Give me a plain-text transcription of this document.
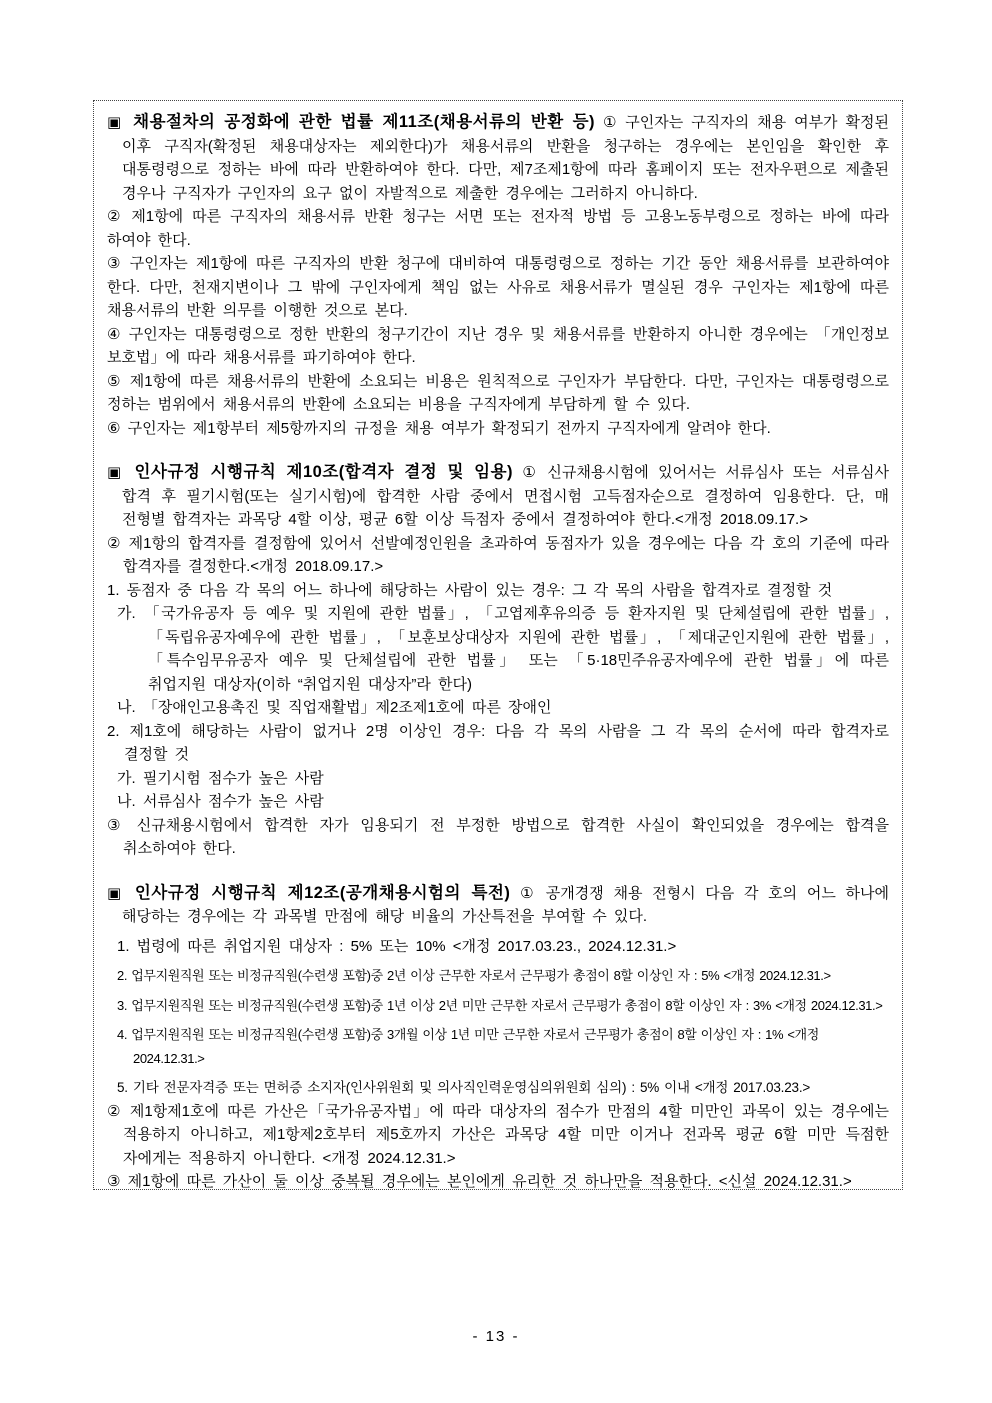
▣ 채용절차의 공정화에 관한 법률 제11조(채용서류의 반환 등) ① 구인자는 구직자의 채용 여부가 확정된 이후 구직자(확정된 채용대상자는 제외한다)가 채용서류의 반환을 청구하는 경우에는 본인임을 확인한 후 대통령령으로 정하는 바에 따라 반환하여야 한다. 다만, 제7조제1항에 따라 홈페이지 또는 전자우편으로 제출된 경우나 구직자가 구인자의 요구 없이 자발적으로 제출한 경우에는 그러하지 아니하다.

② 제1항에 따른 구직자의 채용서류 반환 청구는 서면 또는 전자적 방법 등 고용노동부령으로 정하는 바에 따라 하여야 한다.

③ 구인자는 제1항에 따른 구직자의 반환 청구에 대비하여 대통령령으로 정하는 기간 동안 채용서류를 보관하여야 한다. 다만, 천재지변이나 그 밖에 구인자에게 책임 없는 사유로 채용서류가 멸실된 경우 구인자는 제1항에 따른 채용서류의 반환 의무를 이행한 것으로 본다.

④ 구인자는 대통령령으로 정한 반환의 청구기간이 지난 경우 및 채용서류를 반환하지 아니한 경우에는 「개인정보 보호법」에 따라 채용서류를 파기하여야 한다.

⑤ 제1항에 따른 채용서류의 반환에 소요되는 비용은 원칙적으로 구인자가 부담한다. 다만, 구인자는 대통령령으로 정하는 범위에서 채용서류의 반환에 소요되는 비용을 구직자에게 부담하게 할 수 있다.

⑥ 구인자는 제1항부터 제5항까지의 규정을 채용 여부가 확정되기 전까지 구직자에게 알려야 한다.

▣ 인사규정 시행규칙 제10조(합격자 결정 및 임용) ① 신규채용시험에 있어서는 서류심사 또는 서류심사 합격 후 필기시험(또는 실기시험)에 합격한 사람 중에서 면접시험 고득점자순으로 결정하여 임용한다. 단, 매 전형별 합격자는 과목당 4할 이상, 평균 6할 이상 득점자 중에서 결정하여야 한다.<개정 2018.09.17.>

② 제1항의 합격자를 결정함에 있어서 선발예정인원을 초과하여 동점자가 있을 경우에는 다음 각 호의 기준에 따라 합격자를 결정한다.<개정 2018.09.17.>

1. 동점자 중 다음 각 목의 어느 하나에 해당하는 사람이 있는 경우: 그 각 목의 사람을 합격자로 결정할 것

가. 「국가유공자 등 예우 및 지원에 관한 법률」, 「고엽제후유의증 등 환자지원 및 단체설립에 관한 법률」, 「독립유공자예우에 관한 법률」, 「보훈보상대상자 지원에 관한 법률」, 「제대군인지원에 관한 법률」, 「특수임무유공자 예우 및 단체설립에 관한 법률」 또는 「5·18민주유공자예우에 관한 법률」에 따른 취업지원 대상자(이하 “취업지원 대상자”라 한다)

나. 「장애인고용촉진 및 직업재활법」제2조제1호에 따른 장애인

2. 제1호에 해당하는 사람이 없거나 2명 이상인 경우: 다음 각 목의 사람을 그 각 목의 순서에 따라 합격자로 결정할 것

가. 필기시험 점수가 높은 사람

나. 서류심사 점수가 높은 사람

③ 신규채용시험에서 합격한 자가 임용되기 전 부정한 방법으로 합격한 사실이 확인되었을 경우에는 합격을 취소하여야 한다.

▣ 인사규정 시행규칙 제12조(공개채용시험의 특전) ① 공개경쟁 채용 전형시 다음 각 호의 어느 하나에 해당하는 경우에는 각 과목별 만점에 해당 비율의 가산특전을 부여할 수 있다.

1. 법령에 따른 취업지원 대상자 : 5% 또는 10% <개정 2017.03.23., 2024.12.31.>

2. 업무지원직원 또는 비정규직원(수련생 포함)중 2년 이상 근무한 자로서 근무평가 총점이 8할 이상인 자 : 5% <개정 2024.12.31.>

3. 업무지원직원 또는 비정규직원(수련생 포함)중 1년 이상 2년 미만 근무한 자로서 근무평가 총점이 8할 이상인 자 : 3% <개정 2024.12.31.>

4. 업무지원직원 또는 비정규직원(수련생 포함)중 3개월 이상 1년 미만 근무한 자로서 근무평가 총점이 8할 이상인 자 : 1% <개정 2024.12.31.>

5. 기타 전문자격증 또는 면허증 소지자(인사위원회 및 의사직인력운영심의위원회 심의) : 5% 이내 <개정 2017.03.23.>

② 제1항제1호에 따른 가산은「국가유공자법」에 따라 대상자의 점수가 만점의 4할 미만인 과목이 있는 경우에는 적용하지 아니하고, 제1항제2호부터 제5호까지 가산은 과목당 4할 미만 이거나 전과목 평균 6할 미만 득점한 자에게는 적용하지 아니한다. <개정 2024.12.31.>

③ 제1항에 따른 가산이 둘 이상 중복될 경우에는 본인에게 유리한 것 하나만을 적용한다. <신설 2024.12.31.>

- 13 -
